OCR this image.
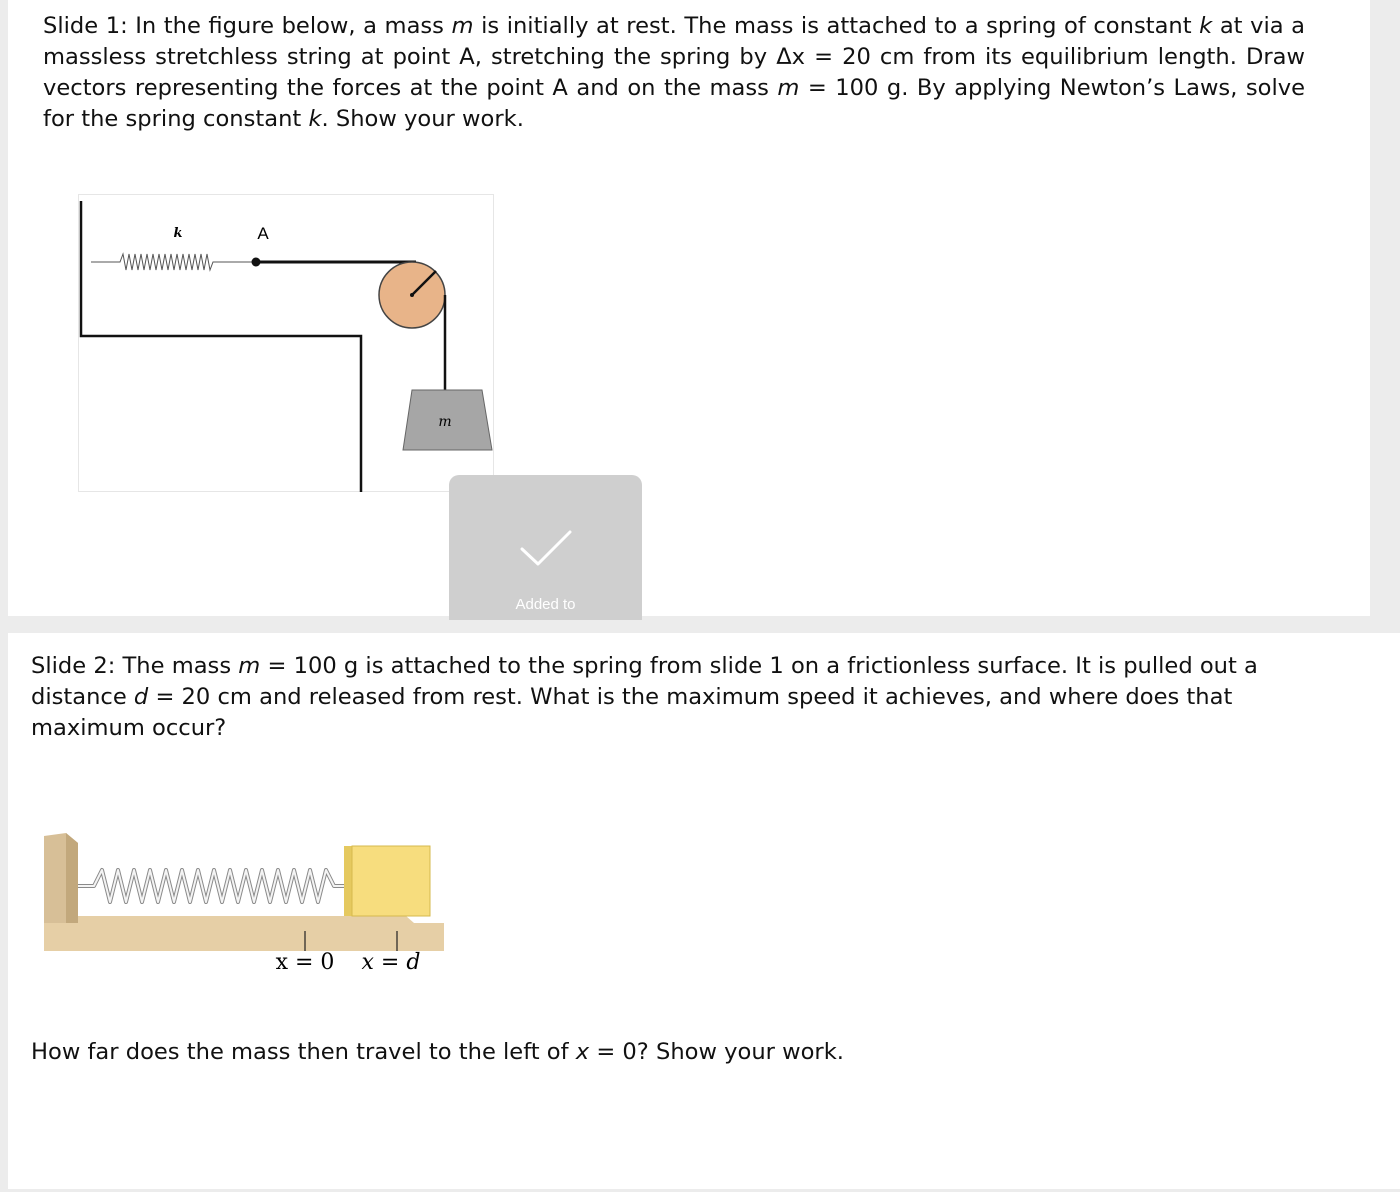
Slide 1: In the figure below, a mass m is initially at rest. The mass is attached to a spring of constant k at via a massless stretchless string at point A, stretching the spring by Δx = 20 cm from its equilibrium length. Draw vectors representing the forces at the point A and on the mass m = 100 g. By applying Newton’s Laws, solve for the spring constant k. Show your work.

k	A
m
Added to

Slide 2: The mass m = 100 g is attached to the spring from slide 1 on a frictionless surface. It is pulled out a distance d = 20 cm and released from rest. What is the maximum speed it achieves, and where does that maximum occur?

x = 0 x = d

How far does the mass then travel to the left of x = 0? Show your work.
